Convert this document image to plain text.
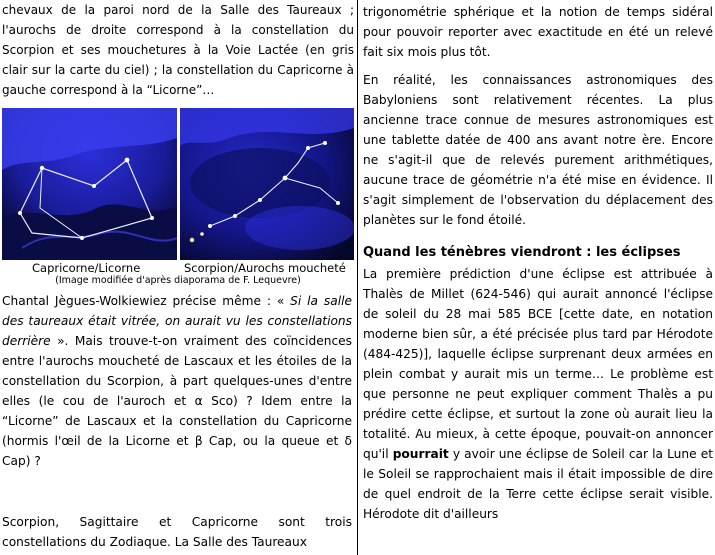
chevaux de la paroi nord de la Salle des Taureaux ; l'aurochs de droite correspond à la constellation du Scorpion et ses mouchetures à la Voie Lactée (en gris clair sur la carte du ciel) ; la constellation du Capricorne à gauche correspond à la “Licorne”…

Capricorne/Licorne	Scorpion/Aurochs moucheté
(Image modifiée d'après diaporama de F. Lequevre)

Chantal Jègues-Wolkiewiez précise même : « Si la salle des taureaux était vitrée, on aurait vu les constellations derrière ». Mais trouve-t-on vraiment des coïncidences entre l'aurochs moucheté de Lascaux et les étoiles de la constellation du Scorpion, à part quelques-unes d'entre elles (le cou de l'auroch et α Sco) ? Idem entre la “Licorne” de Lascaux et la constellation du Capricorne (hormis l'œil de la Licorne et β Cap, ou la queue et δ Cap) ?

Scorpion, Sagittaire et Capricorne sont trois constellations du Zodiaque. La Salle des Taureaux

trigonométrie sphérique et la notion de temps sidéral pour pouvoir reporter avec exactitude en été un relevé fait six mois plus tôt.

En réalité, les connaissances astronomiques des Babyloniens sont relativement récentes. La plus ancienne trace connue de mesures astronomiques est une tablette datée de 400 ans avant notre ère. Encore ne s'agit-il que de relevés purement arithmétiques, aucune trace de géométrie n'a été mise en évidence. Il s'agit simplement de l'observation du déplacement des planètes sur le fond étoilé.

Quand les ténèbres viendront : les éclipses

La première prédiction d'une éclipse est attribuée à Thalès de Millet (624-546) qui aurait annoncé l'éclipse de soleil du 28 mai 585 BCE [cette date, en notation moderne bien sûr, a été précisée plus tard par Hérodote (484-425)], laquelle éclipse surprenant deux armées en plein combat y aurait mis un terme… Le problème est que personne ne peut expliquer comment Thalès a pu prédire cette éclipse, et surtout la zone où aurait lieu la totalité. Au mieux, à cette époque, pouvait-on annoncer qu'il pourrait y avoir une éclipse de Soleil car la Lune et le Soleil se rapprochaient mais il était impossible de dire de quel endroit de la Terre cette éclipse serait visible. Hérodote dit d'ailleurs
